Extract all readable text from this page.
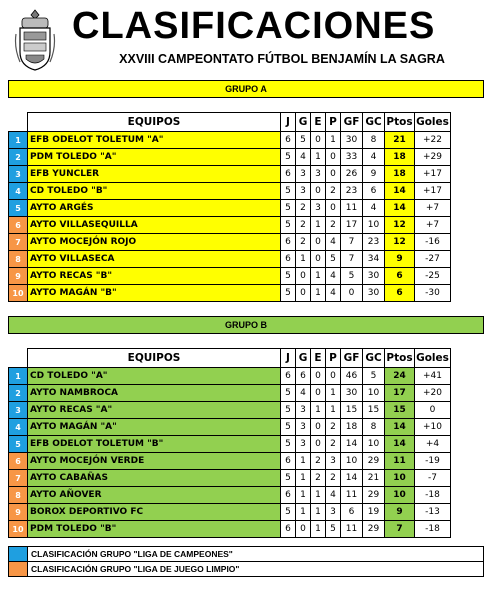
CLASIFICACIONES
XXVIII CAMPEONTATO FÚTBOL BENJAMÍN LA SAGRA
GRUPO A
	EQUIPOS	J	G	E	P	GF	GC	Ptos	Goles
1	EFB ODELOT TOLETUM "A"	6	5	0	1	30	8	21	+22
2	PDM TOLEDO "A"	5	4	1	0	33	4	18	+29
3	EFB YUNCLER	6	3	3	0	26	9	18	+17
4	CD TOLEDO "B"	5	3	0	2	23	6	14	+17
5	AYTO ARGÉS	5	2	3	0	11	4	14	+7
6	AYTO VILLASEQUILLA	5	2	1	2	17	10	12	+7
7	AYTO MOCEJÓN ROJO	6	2	0	4	7	23	12	-16
8	AYTO VILLASECA	6	1	0	5	7	34	9	-27
9	AYTO RECAS "B"	5	0	1	4	5	30	6	-25
10	AYTO MAGÁN "B"	5	0	1	4	0	30	6	-30
GRUPO B
	EQUIPOS	J	G	E	P	GF	GC	Ptos	Goles
1	CD TOLEDO "A"	6	6	0	0	46	5	24	+41
2	AYTO NAMBROCA	5	4	0	1	30	10	17	+20
3	AYTO RECAS "A"	5	3	1	1	15	15	15	0
4	AYTO MAGÁN "A"	5	3	0	2	18	8	14	+10
5	EFB ODELOT TOLETUM "B"	5	3	0	2	14	10	14	+4
6	AYTO MOCEJÓN VERDE	6	1	2	3	10	29	11	-19
7	AYTO CABAÑAS	5	1	2	2	14	21	10	-7
8	AYTO AÑOVER	6	1	1	4	11	29	10	-18
9	BOROX DEPORTIVO FC	5	1	1	3	6	19	9	-13
10	PDM TOLEDO "B"	6	0	1	5	11	29	7	-18
CLASIFICACIÓN GRUPO "LIGA DE CAMPEONES"
CLASIFICACIÓN GRUPO "LIGA DE JUEGO LIMPIO"
